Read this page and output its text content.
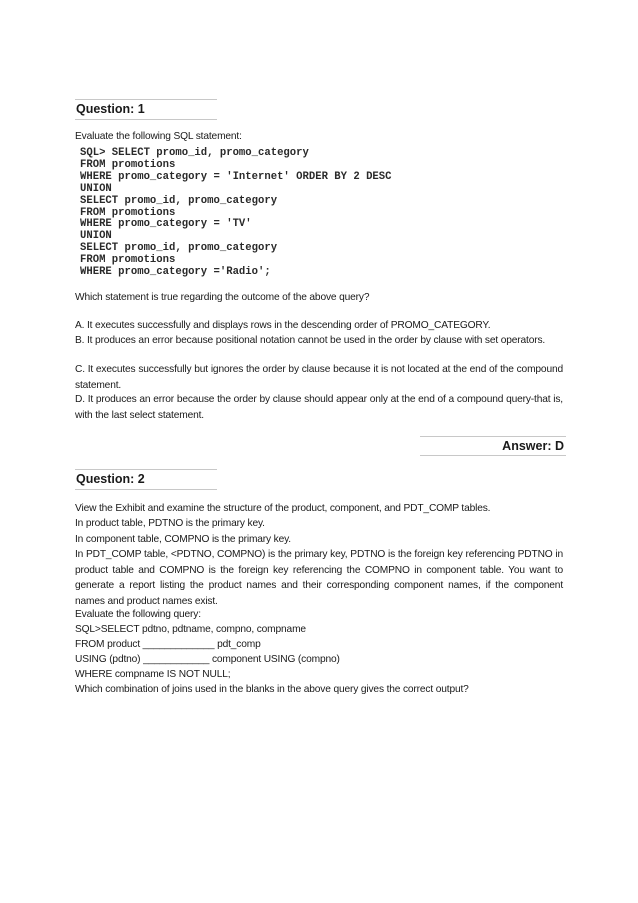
Question: 1
Evaluate the following SQL statement:
SQL> SELECT promo_id, promo_category
FROM promotions
WHERE promo_category = 'Internet' ORDER BY 2 DESC
UNION
SELECT promo_id, promo_category
FROM promotions
WHERE promo_category = 'TV'
UNION
SELECT promo_id, promo_category
FROM promotions
WHERE promo_category ='Radio';
Which statement is true regarding the outcome of the above query?
A. It executes successfully and displays rows in the descending order of PROMO_CATEGORY.
B. It produces an error because positional notation cannot be used in the order by clause with set operators.
C. It executes successfully but ignores the order by clause because it is not located at the end of the compound statement.
D. It produces an error because the order by clause should appear only at the end of a compound query-that is, with the last select statement.
Answer: D
Question: 2
View the Exhibit and examine the structure of the product, component, and PDT_COMP tables.
In product table, PDTNO is the primary key.
In component table, COMPNO is the primary key.
In PDT_COMP table, <PDTNO, COMPNO) is the primary key, PDTNO is the foreign key referencing PDTNO in product table and COMPNO is the foreign key referencing the COMPNO in component table. You want to generate a report listing the product names and their corresponding component names, if the component names and product names exist.
Evaluate the following query:
SQL>SELECT pdtno, pdtname, compno, compname
FROM product _____________ pdt_comp
USING (pdtno) ____________ component USING (compno)
WHERE compname IS NOT NULL;
Which combination of joins used in the blanks in the above query gives the correct output?
